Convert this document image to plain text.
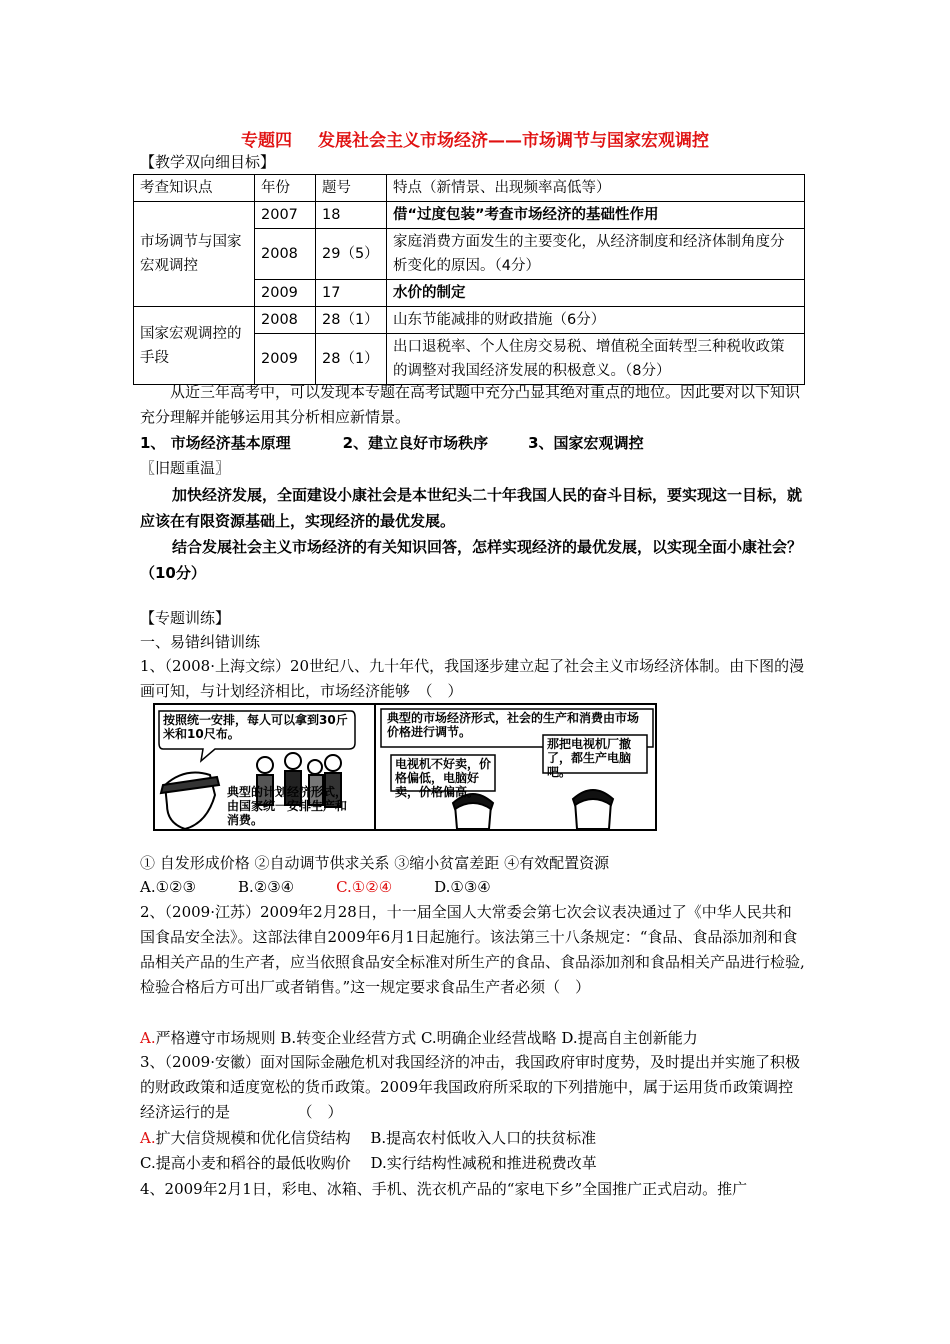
专题四 发展社会主义市场经济——市场调节与国家宏观调控
【教学双向细目标】
考查知识点	年份	题号	特点（新情景、出现频率高低等）
市场调节与国家宏观调控	2007	18	借“过度包装”考查市场经济的基础性作用
	2008	29（5）	家庭消费方面发生的主要变化，从经济制度和经济体制角度分析变化的原因。（4分）
	2009	17	水价的制定
国家宏观调控的手段	2008	28（1）	山东节能减排的财政措施（6分）
	2009	28（1）	出口退税率、个人住房交易税、增值税全面转型三种税收政策的调整对我国经济发展的积极意义。（8分）
从近三年高考中，可以发现本专题在高考试题中充分凸显其绝对重点的地位。因此要对以下知识充分理解并能够运用其分析相应新情景。
1、 市场经济基本原理	2、建立良好市场秩序	3、国家宏观调控
〖旧题重温〗
加快经济发展，全面建设小康社会是本世纪头二十年我国人民的奋斗目标，要实现这一目标，就应该在有限资源基础上，实现经济的最优发展。
结合发展社会主义市场经济的有关知识回答，怎样实现经济的最优发展，以实现全面小康社会？（10分）
【专题训练】
一、易错纠错训练
1、（2008·上海文综）20世纪八、九十年代，我国逐步建立起了社会主义市场经济体制。由下图的漫画可知，与计划经济相比，市场经济能够　（　）
按照统一安排，每人可以拿到30斤米和10尺布。
典型的计划经济形式，由国家统一安排生产和消费。
典型的市场经济形式，社会的生产和消费由市场价格进行调节。
电视机不好卖，价格偏低，电脑好卖，价格偏高。
那把电视机厂撤了，都生产电脑吧。
① 自发形成价格 ②自动调节供求关系 ③缩小贫富差距 ④有效配置资源
A.①②③	B.②③④	C.①②④	D.①③④
2、（2009·江苏）2009年2月28日，十一届全国人大常委会第七次会议表决通过了《中华人民共和国食品安全法》。这部法律自2009年6月1日起施行。该法第三十八条规定：“食品、食品添加剂和食品相关产品的生产者，应当依照食品安全标准对所生产的食品、食品添加剂和食品相关产品进行检验,检验合格后方可出厂或者销售。”这一规定要求食品生产者必须（　）
A.严格遵守市场规则 B.转变企业经营方式 C.明确企业经营战略 D.提高自主创新能力
3、（2009·安徽）面对国际金融危机对我国经济的冲击，我国政府审时度势，及时提出并实施了积极的财政政策和适度宽松的货币政策。2009年我国政府所采取的下列措施中，属于运用货币政策调控经济运行的是　　　　　（　）
A.扩大信贷规模和优化信贷结构　 B.提高农村低收入人口的扶贫标准
C.提高小麦和稻谷的最低收购价　 D.实行结构性减税和推进税费改革
4、2009年2月1日，彩电、冰箱、手机、洗衣机产品的“家电下乡”全国推广正式启动。推广
